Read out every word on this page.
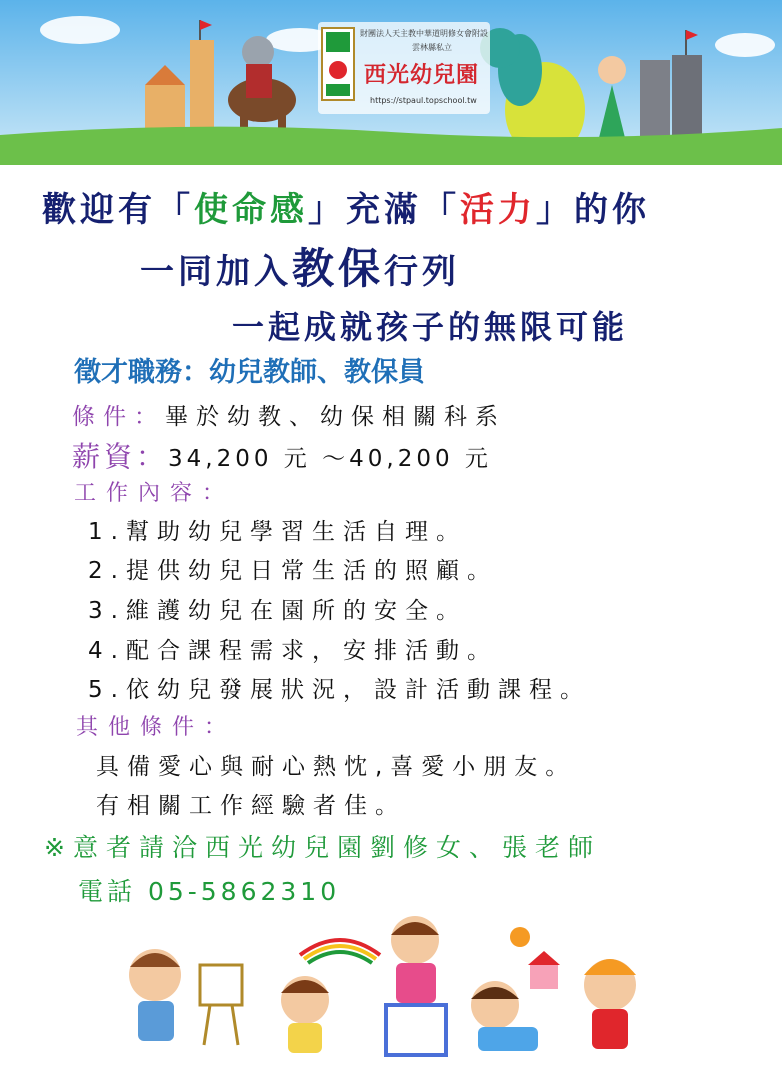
財團法人天主教中華道明修女會附設
雲林縣私立
西光幼兒園
https://stpaul.topschool.tw
歡迎有「使命感」充滿「活力」的你
一同加入教保行列
一起成就孩子的無限可能
徵才職務：幼兒教師、教保員
條件：畢於幼教、幼保相關科系
薪資：34,200 元 ～40,200 元
工作內容：
1.幫助幼兒學習生活自理。
2.提供幼兒日常生活的照顧。
3.維護幼兒在園所的安全。
4.配合課程需求，安排活動。
5.依幼兒發展狀況，設計活動課程。
其他條件：
具備愛心與耐心熱忱,喜愛小朋友。
有相關工作經驗者佳。
※意者請洽西光幼兒園劉修女、張老師
電話 05-5862310
